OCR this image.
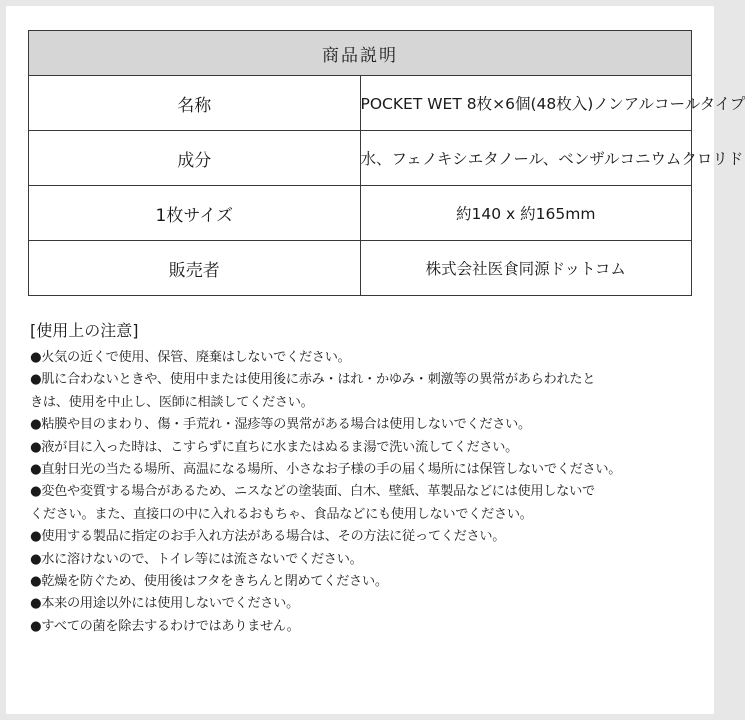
商品説明	
名称	POCKET WET 8枚×6個(48枚入)ノンアルコールタイプ
成分	水、フェノキシエタノール、ベンザルコニウムクロリド
1枚サイズ	約140 x 約165mm
販売者	株式会社医食同源ドットコム
[使用上の注意]
●火気の近くで使用、保管、廃棄はしないでください。
●肌に合わないときや、使用中または使用後に赤み・はれ・かゆみ・刺激等の異常があらわれたと
きは、使用を中止し、医師に相談してください。
●粘膜や目のまわり、傷・手荒れ・湿疹等の異常がある場合は使用しないでください。
●液が目に入った時は、こすらずに直ちに水またはぬるま湯で洗い流してください。
●直射日光の当たる場所、高温になる場所、小さなお子様の手の届く場所には保管しないでください。
●変色や変質する場合があるため、ニスなどの塗装面、白木、壁紙、革製品などには使用しないで
ください。また、直接口の中に入れるおもちゃ、食品などにも使用しないでください。
●使用する製品に指定のお手入れ方法がある場合は、その方法に従ってください。
●水に溶けないので、トイレ等には流さないでください。
●乾燥を防ぐため、使用後はフタをきちんと閉めてください。
●本来の用途以外には使用しないでください。
●すべての菌を除去するわけではありません。
